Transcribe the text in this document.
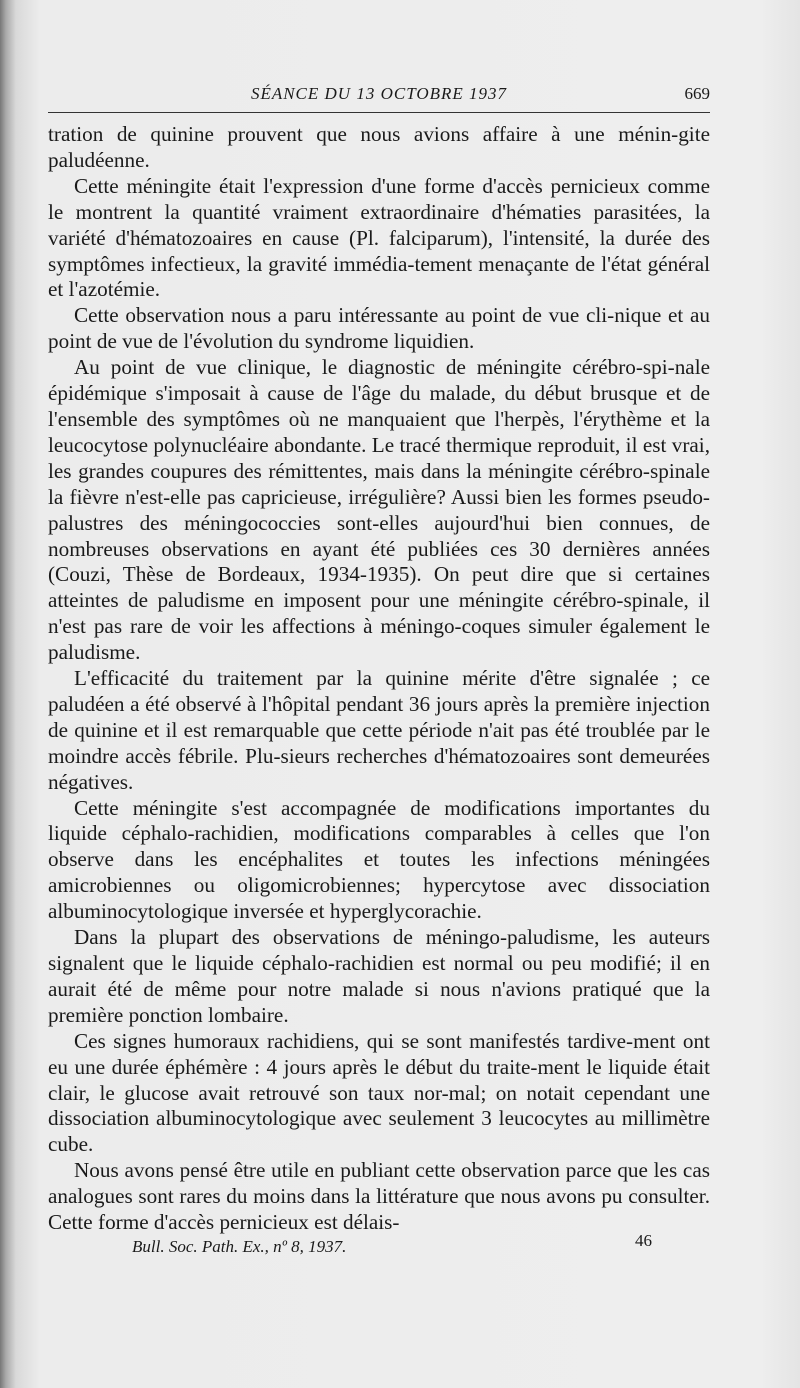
SÉANCE DU 13 OCTOBRE 1937	669

tration de quinine prouvent que nous avions affaire à une ménin-gite paludéenne.

Cette méningite était l'expression d'une forme d'accès pernicieux comme le montrent la quantité vraiment extraordinaire d'hématies parasitées, la variété d'hématozoaires en cause (Pl. falciparum), l'intensité, la durée des symptômes infectieux, la gravité immédia-tement menaçante de l'état général et l'azotémie.

Cette observation nous a paru intéressante au point de vue cli-nique et au point de vue de l'évolution du syndrome liquidien.

Au point de vue clinique, le diagnostic de méningite cérébro-spi-nale épidémique s'imposait à cause de l'âge du malade, du début brusque et de l'ensemble des symptômes où ne manquaient que l'herpès, l'érythème et la leucocytose polynucléaire abondante. Le tracé thermique reproduit, il est vrai, les grandes coupures des rémittentes, mais dans la méningite cérébro-spinale la fièvre n'est-elle pas capricieuse, irrégulière? Aussi bien les formes pseudo-palustres des méningococcies sont-elles aujourd'hui bien connues, de nombreuses observations en ayant été publiées ces 30 dernières années (Couzi, Thèse de Bordeaux, 1934-1935). On peut dire que si certaines atteintes de paludisme en imposent pour une méningite cérébro-spinale, il n'est pas rare de voir les affections à méningo-coques simuler également le paludisme.

L'efficacité du traitement par la quinine mérite d'être signalée ; ce paludéen a été observé à l'hôpital pendant 36 jours après la première injection de quinine et il est remarquable que cette période n'ait pas été troublée par le moindre accès fébrile. Plu-sieurs recherches d'hématozoaires sont demeurées négatives.

Cette méningite s'est accompagnée de modifications importantes du liquide céphalo-rachidien, modifications comparables à celles que l'on observe dans les encéphalites et toutes les infections méningées amicrobiennes ou oligomicrobiennes; hypercytose avec dissociation albuminocytologique inversée et hyperglycorachie.

Dans la plupart des observations de méningo-paludisme, les auteurs signalent que le liquide céphalo-rachidien est normal ou peu modifié; il en aurait été de même pour notre malade si nous n'avions pratiqué que la première ponction lombaire.

Ces signes humoraux rachidiens, qui se sont manifestés tardive-ment ont eu une durée éphémère : 4 jours après le début du traite-ment le liquide était clair, le glucose avait retrouvé son taux nor-mal; on notait cependant une dissociation albuminocytologique avec seulement 3 leucocytes au millimètre cube.

Nous avons pensé être utile en publiant cette observation parce que les cas analogues sont rares du moins dans la littérature que nous avons pu consulter. Cette forme d'accès pernicieux est délais-

Bull. Soc. Path. Ex., nº 8, 1937.	46
